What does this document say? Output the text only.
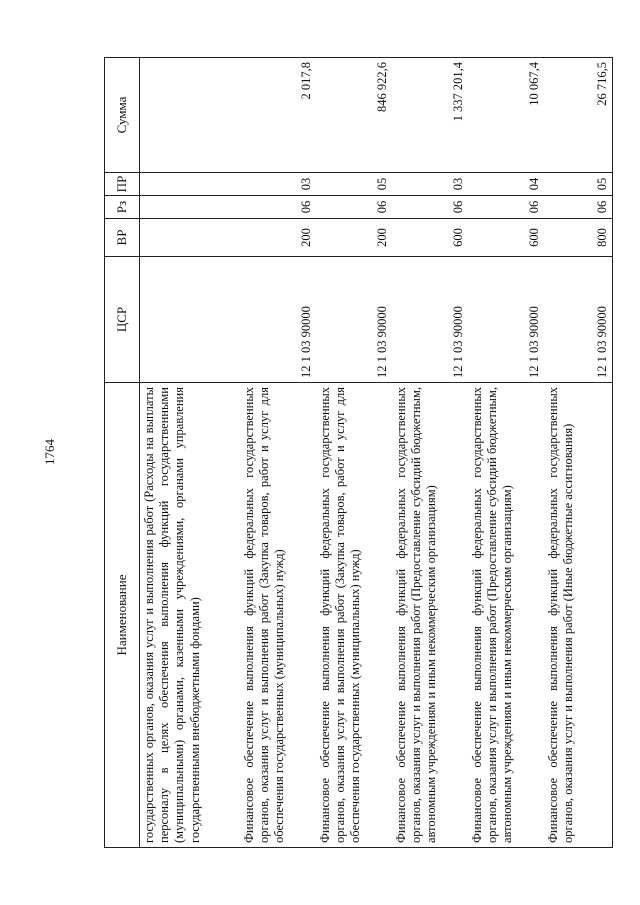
1764
Наименование	ЦСР	ВР	Рз	ПР	Сумма
государственных органов, оказания услуг и выполнения работ (Расходы на выплаты персоналу в целях обеспечения выполнения функций государственными (муниципальными) органами, казенными учреждениями, органами управления государственными внебюджетными фондами)					
Финансовое обеспечение выполнения функций федеральных государственных органов, оказания услуг и выполнения работ (Закупка товаров, работ и услуг для обеспечения государственных (муниципальных) нужд)	12 1 03 90000	200	06	03	2 017,8
Финансовое обеспечение выполнения функций федеральных государственных органов, оказания услуг и выполнения работ (Закупка товаров, работ и услуг для обеспечения государственных (муниципальных) нужд)	12 1 03 90000	200	06	05	846 922,6
Финансовое обеспечение выполнения функций федеральных государственных органов, оказания услуг и выполнения работ (Предоставление субсидий бюджетным, автономным учреждениям и иным некоммерческим организациям)	12 1 03 90000	600	06	03	1 337 201,4
Финансовое обеспечение выполнения функций федеральных государственных органов, оказания услуг и выполнения работ (Предоставление субсидий бюджетным, автономным учреждениям и иным некоммерческим организациям)	12 1 03 90000	600	06	04	10 067,4
Финансовое обеспечение выполнения функций федеральных государственных органов, оказания услуг и выполнения работ (Иные бюджетные ассигнования)	12 1 03 90000	800	06	05	26 716,5
